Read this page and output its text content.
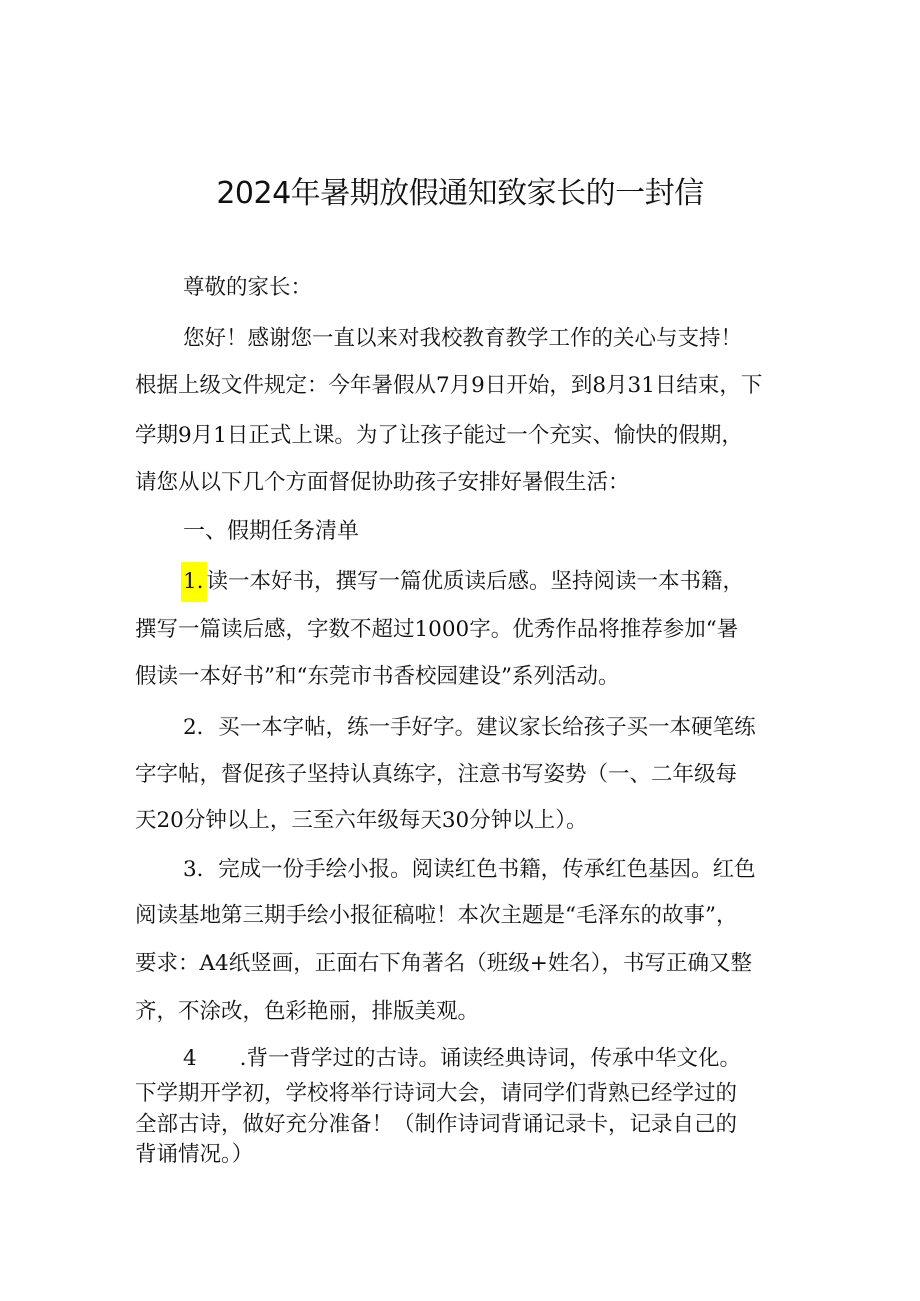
2024年暑期放假通知致家长的一封信
尊敬的家长：
您好！感谢您一直以来对我校教育教学工作的关心与支持！
根据上级文件规定：今年暑假从7月9日开始，到8月31日结束，下
学期9月1日正式上课。为了让孩子能过一个充实、愉快的假期，
请您从以下几个方面督促协助孩子安排好暑假生活：
一、假期任务清单
1. 读一本好书，撰写一篇优质读后感。坚持阅读一本书籍，
撰写一篇读后感，字数不超过1000字。优秀作品将推荐参加“暑
假读一本好书”和“东莞市书香校园建设”系列活动。
2．买一本字帖，练一手好字。建议家长给孩子买一本硬笔练
字字帖，督促孩子坚持认真练字，注意书写姿势（一、二年级每
天20分钟以上，三至六年级每天30分钟以上）。
3．完成一份手绘小报。阅读红色书籍，传承红色基因。红色
阅读基地第三期手绘小报征稿啦！本次主题是“毛泽东的故事”，
要求：A4纸竖画，正面右下角著名（班级+姓名），书写正确又整
齐，不涂改，色彩艳丽，排版美观。
4　　.背一背学过的古诗。诵读经典诗词，传承中华文化。
下学期开学初，学校将举行诗词大会，请同学们背熟已经学过的
全部古诗，做好充分准备！（制作诗词背诵记录卡，记录自己的
背诵情况。）
